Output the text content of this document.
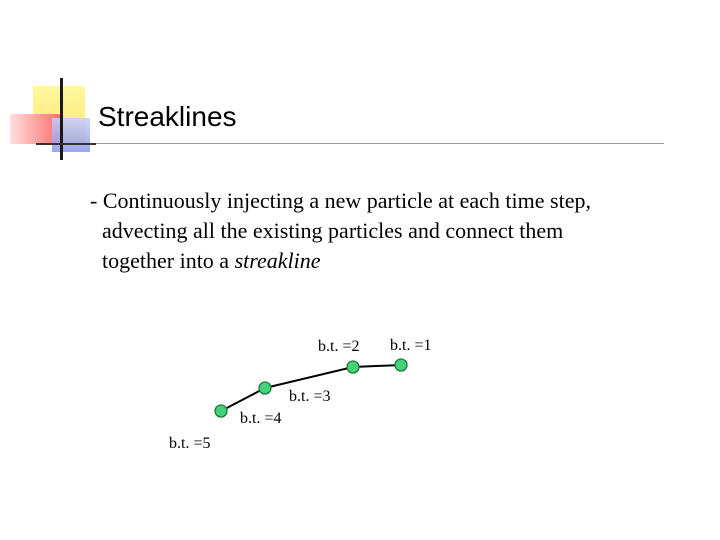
Streaklines
- Continuously injecting a new particle at each time step,
advecting all the existing particles and connect them
together into a streakline
b.t. =2 b.t. =1
b.t. =3
b.t. =4
b.t. =5
